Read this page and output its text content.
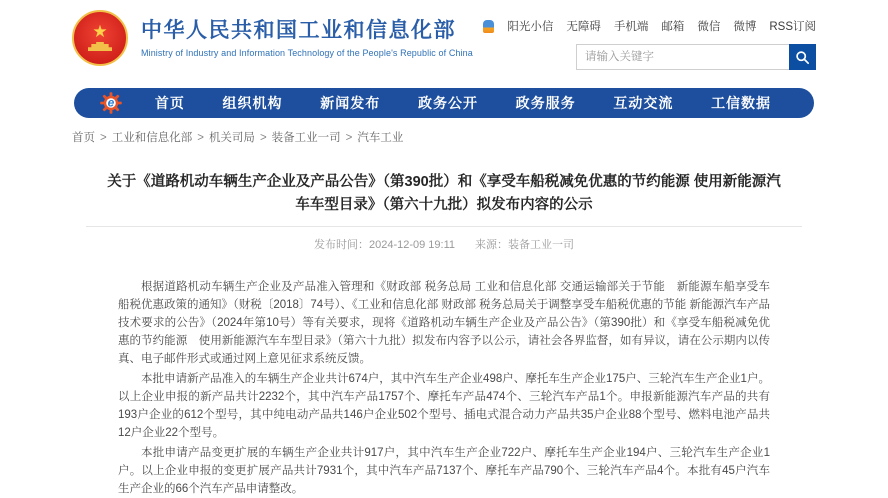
★ 中华人民共和国工业和信息化部
Ministry of Industry and Information Technology of the People's Republic of China
阳光小信 无障碍 手机端 邮箱 微信 微博 RSS订阅
请输入关键字
e	首页	组织机构	新闻发布	政务公开	政务服务	互动交流	工信数据
首页 > 工业和信息化部 > 机关司局 > 装备工业一司 > 汽车工业
关于《道路机动车辆生产企业及产品公告》（第390批）和《享受车船税减免优惠的节约能源 使用新能源汽车车型目录》（第六十九批）拟发布内容的公示
发布时间：2024-12-09 19:11 来源：装备工业一司

根据道路机动车辆生产企业及产品准入管理和《财政部 税务总局 工业和信息化部 交通运输部关于节能　新能源车船享受车船税优惠政策的通知》（财税〔2018〕74号）、《工业和信息化部 财政部 税务总局关于调整享受车船税优惠的节能 新能源汽车产品技术要求的公告》（2024年第10号）等有关要求，现将《道路机动车辆生产企业及产品公告》（第390批）和《享受车船税减免优惠的节约能源　使用新能源汽车车型目录》（第六十九批）拟发布内容予以公示，请社会各界监督，如有异议，请在公示期内以传真、电子邮件形式或通过网上意见征求系统反馈。

本批申请新产品准入的车辆生产企业共计674户，其中汽车生产企业498户、摩托车生产企业175户、三轮汽车生产企业1户。以上企业申报的新产品共计2232个，其中汽车产品1757个、摩托车产品474个、三轮汽车产品1个。申报新能源汽车产品的共有193户企业的612个型号，其中纯电动产品共146户企业502个型号、插电式混合动力产品共35户企业88个型号、燃料电池产品共12户企业22个型号。

本批申请产品变更扩展的车辆生产企业共计917户，其中汽车生产企业722户、摩托车生产企业194户、三轮汽车生产企业1户。以上企业申报的变更扩展产品共计7931个，其中汽车产品7137个、摩托车产品790个、三轮汽车产品4个。本批有45户汽车生产企业的66个汽车产品申请整改。
